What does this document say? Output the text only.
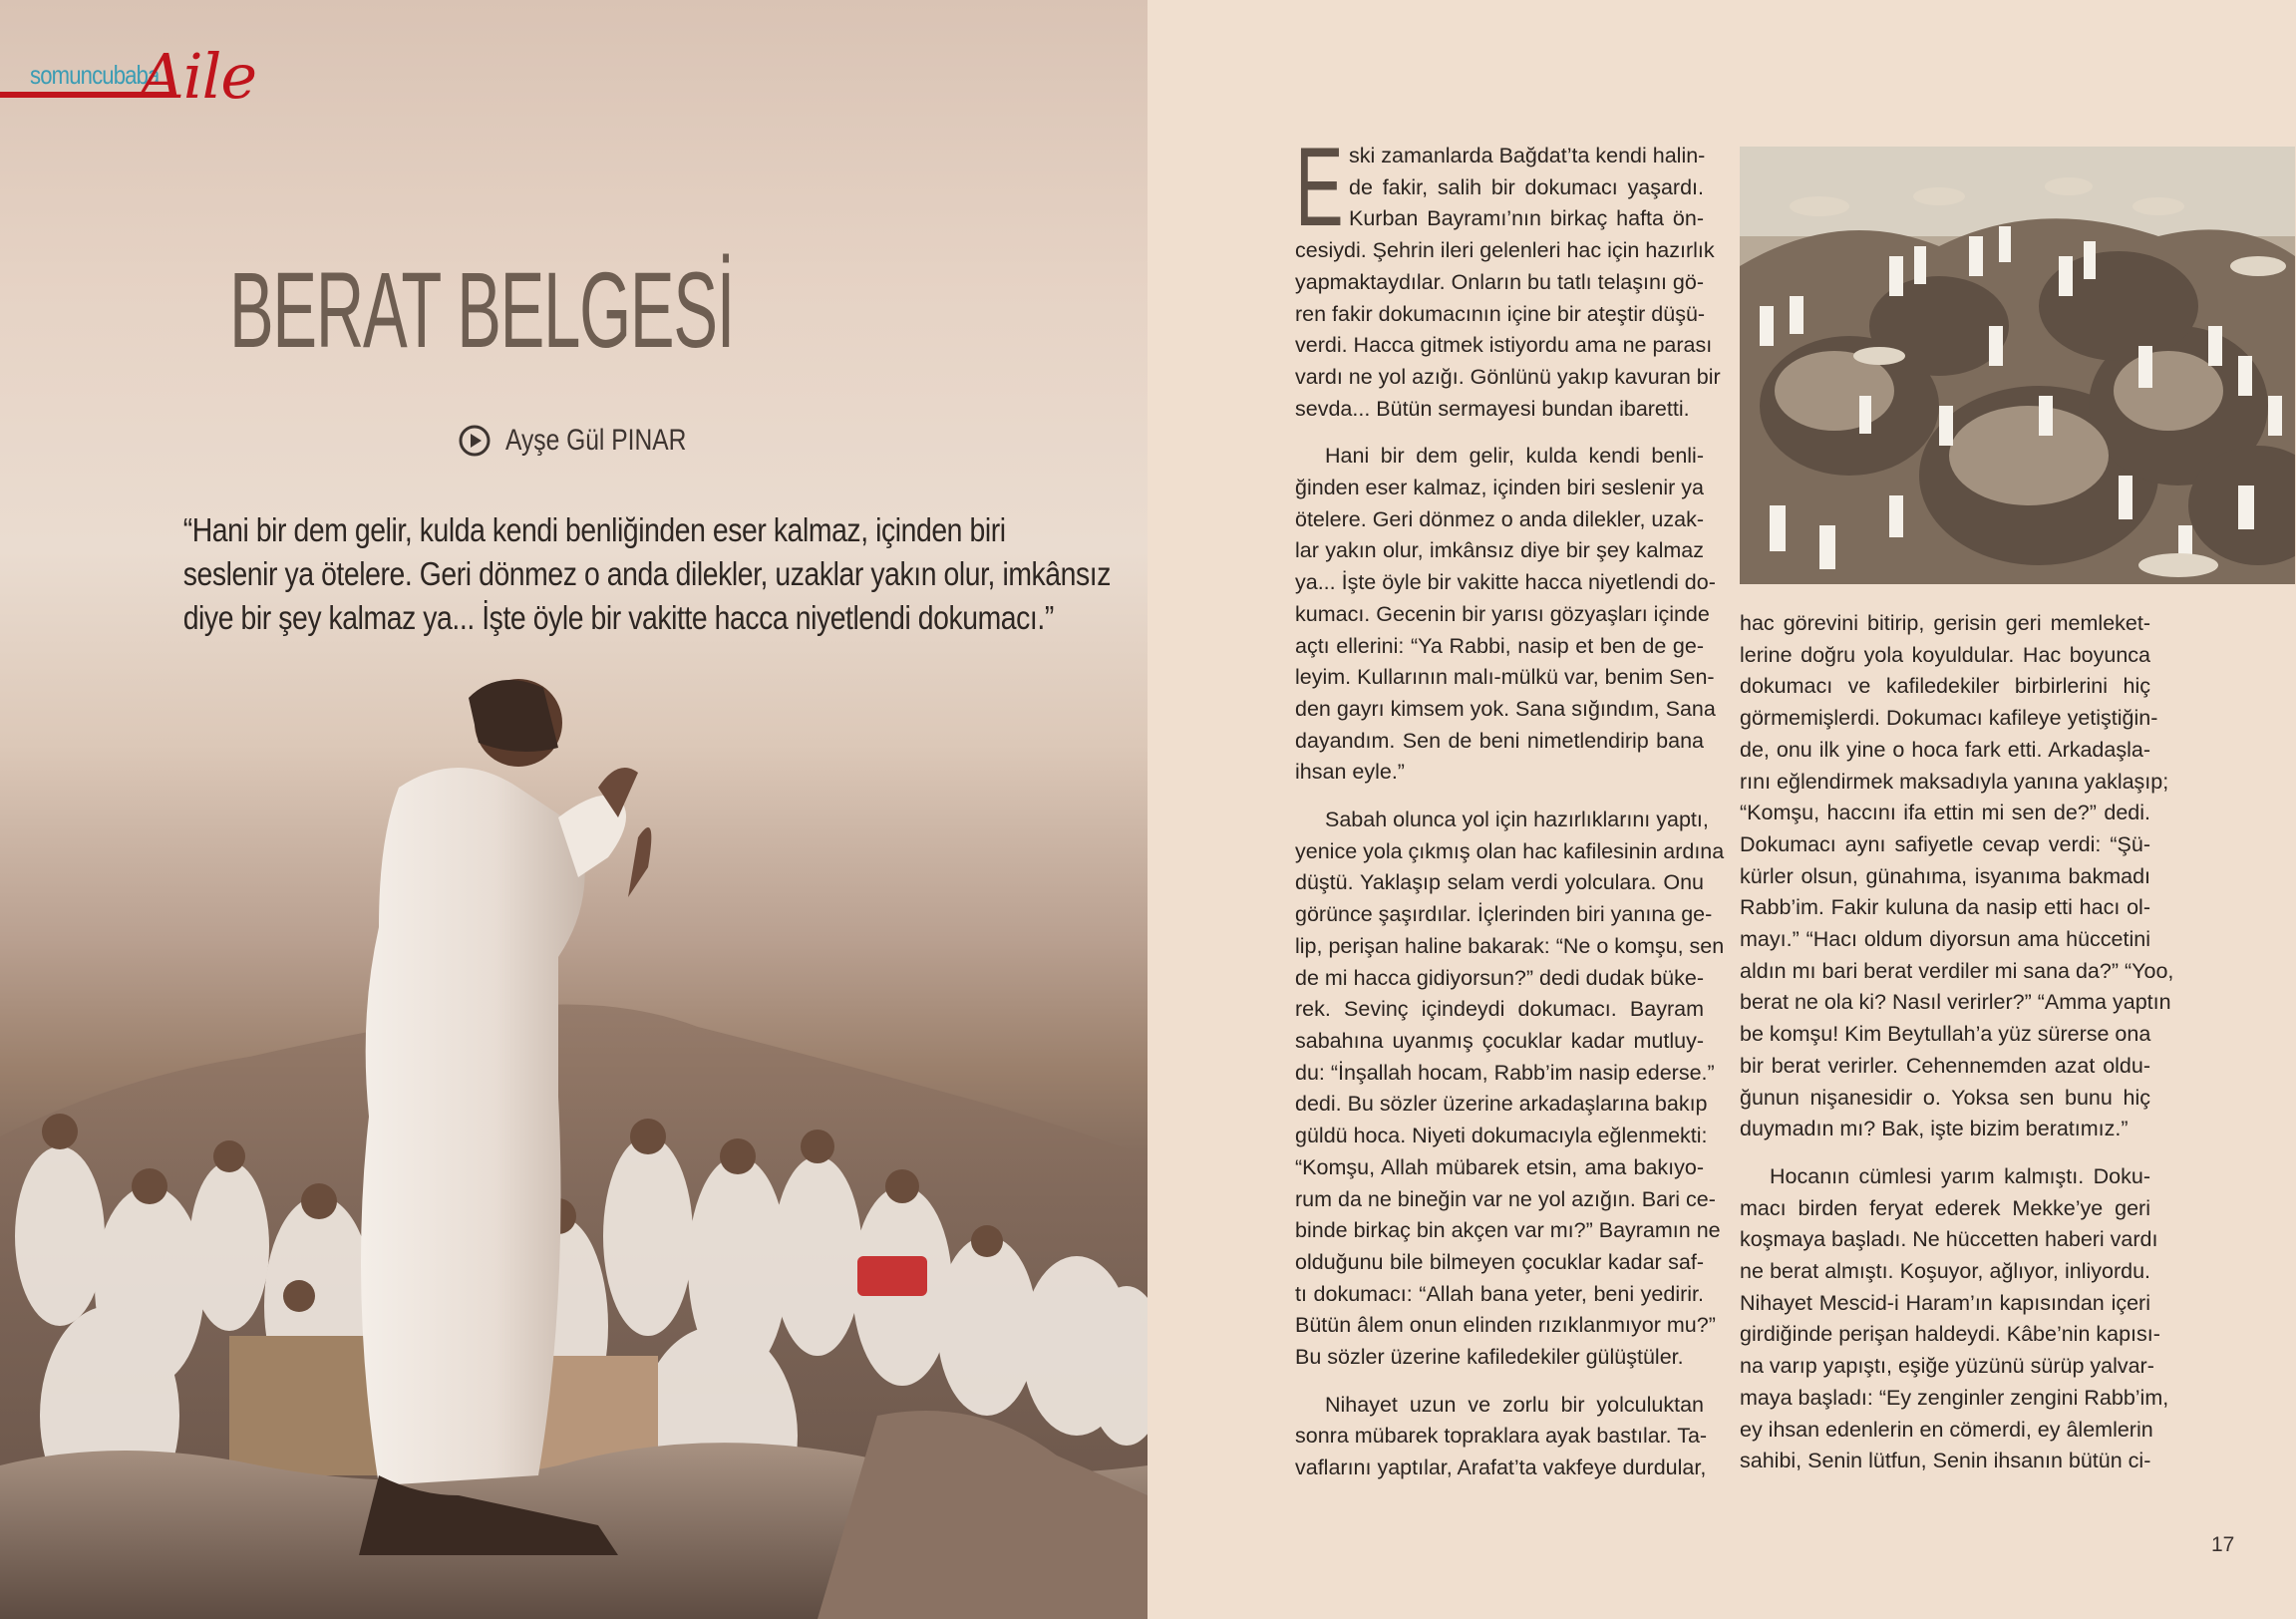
somuncubaba
Aile
BERAT BELGESİ
Ayşe Gül PINAR
“Hani bir dem gelir, kulda kendi benliğinden eser kalmaz, içinden biri
seslenir ya ötelere. Geri dönmez o anda dilekler, uzaklar yakın olur, imkânsız
diye bir şey kalmaz ya... İşte öyle bir vakitte hacca niyetlendi dokumacı.”
E ski zamanlarda Bağdat’ta kendi halin-
de fakir, salih bir dokumacı yaşardı.
Kurban Bayramı’nın birkaç hafta ön-
cesiydi. Şehrin ileri gelenleri hac için hazırlık
yapmaktaydılar. Onların bu tatlı telaşını gö-
ren fakir dokumacının içine bir ateştir düşü-
verdi. Hacca gitmek istiyordu ama ne parası
vardı ne yol azığı. Gönlünü yakıp kavuran bir
sevda... Bütün sermayesi bundan ibaretti.
Hani bir dem gelir, kulda kendi benli-
ğinden eser kalmaz, içinden biri seslenir ya
ötelere. Geri dönmez o anda dilekler, uzak-
lar yakın olur, imkânsız diye bir şey kalmaz
ya... İşte öyle bir vakitte hacca niyetlendi do-
kumacı. Gecenin bir yarısı gözyaşları içinde
açtı ellerini: “Ya Rabbi, nasip et ben de ge-
leyim. Kullarının malı-mülkü var, benim Sen-
den gayrı kimsem yok. Sana sığındım, Sana
dayandım. Sen de beni nimetlendirip bana
ihsan eyle.”
Sabah olunca yol için hazırlıklarını yaptı,
yenice yola çıkmış olan hac kafilesinin ardına
düştü. Yaklaşıp selam verdi yolculara. Onu
görünce şaşırdılar. İçlerinden biri yanına ge-
lip, perişan haline bakarak: “Ne o komşu, sen
de mi hacca gidiyorsun?” dedi dudak büke-
rek. Sevinç içindeydi dokumacı. Bayram
sabahına uyanmış çocuklar kadar mutluy-
du: “İnşallah hocam, Rabb’im nasip ederse.”
dedi. Bu sözler üzerine arkadaşlarına bakıp
güldü hoca. Niyeti dokumacıyla eğlenmekti:
“Komşu, Allah mübarek etsin, ama bakıyo-
rum da ne bineğin var ne yol azığın. Bari ce-
binde birkaç bin akçen var mı?” Bayramın ne
olduğunu bile bilmeyen çocuklar kadar saf-
tı dokumacı: “Allah bana yeter, beni yedirir.
Bütün âlem onun elinden rızıklanmıyor mu?”
Bu sözler üzerine kafiledekiler gülüştüler.
Nihayet uzun ve zorlu bir yolculuktan
sonra mübarek topraklara ayak bastılar. Ta-
vaflarını yaptılar, Arafat’ta vakfeye durdular,
hac görevini bitirip, gerisin geri memleket-
lerine doğru yola koyuldular. Hac boyunca
dokumacı ve kafiledekiler birbirlerini hiç
görmemişlerdi. Dokumacı kafileye yetiştiğin-
de, onu ilk yine o hoca fark etti. Arkadaşla-
rını eğlendirmek maksadıyla yanına yaklaşıp;
“Komşu, haccını ifa ettin mi sen de?” dedi.
Dokumacı aynı safiyetle cevap verdi: “Şü-
kürler olsun, günahıma, isyanıma bakmadı
Rabb’im. Fakir kuluna da nasip etti hacı ol-
mayı.” “Hacı oldum diyorsun ama hüccetini
aldın mı bari berat verdiler mi sana da?” “Yoo,
berat ne ola ki? Nasıl verirler?” “Amma yaptın
be komşu! Kim Beytullah’a yüz sürerse ona
bir berat verirler. Cehennemden azat oldu-
ğunun nişanesidir o. Yoksa sen bunu hiç
duymadın mı? Bak, işte bizim beratımız.”
Hocanın cümlesi yarım kalmıştı. Doku-
macı birden feryat ederek Mekke’ye geri
koşmaya başladı. Ne hüccetten haberi vardı
ne berat almıştı. Koşuyor, ağlıyor, inliyordu.
Nihayet Mescid-i Haram’ın kapısından içeri
girdiğinde perişan haldeydi. Kâbe’nin kapısı-
na varıp yapıştı, eşiğe yüzünü sürüp yalvar-
maya başladı: “Ey zenginler zengini Rabb’im,
ey ihsan edenlerin en cömerdi, ey âlemlerin
sahibi, Senin lütfun, Senin ihsanın bütün ci-
17
